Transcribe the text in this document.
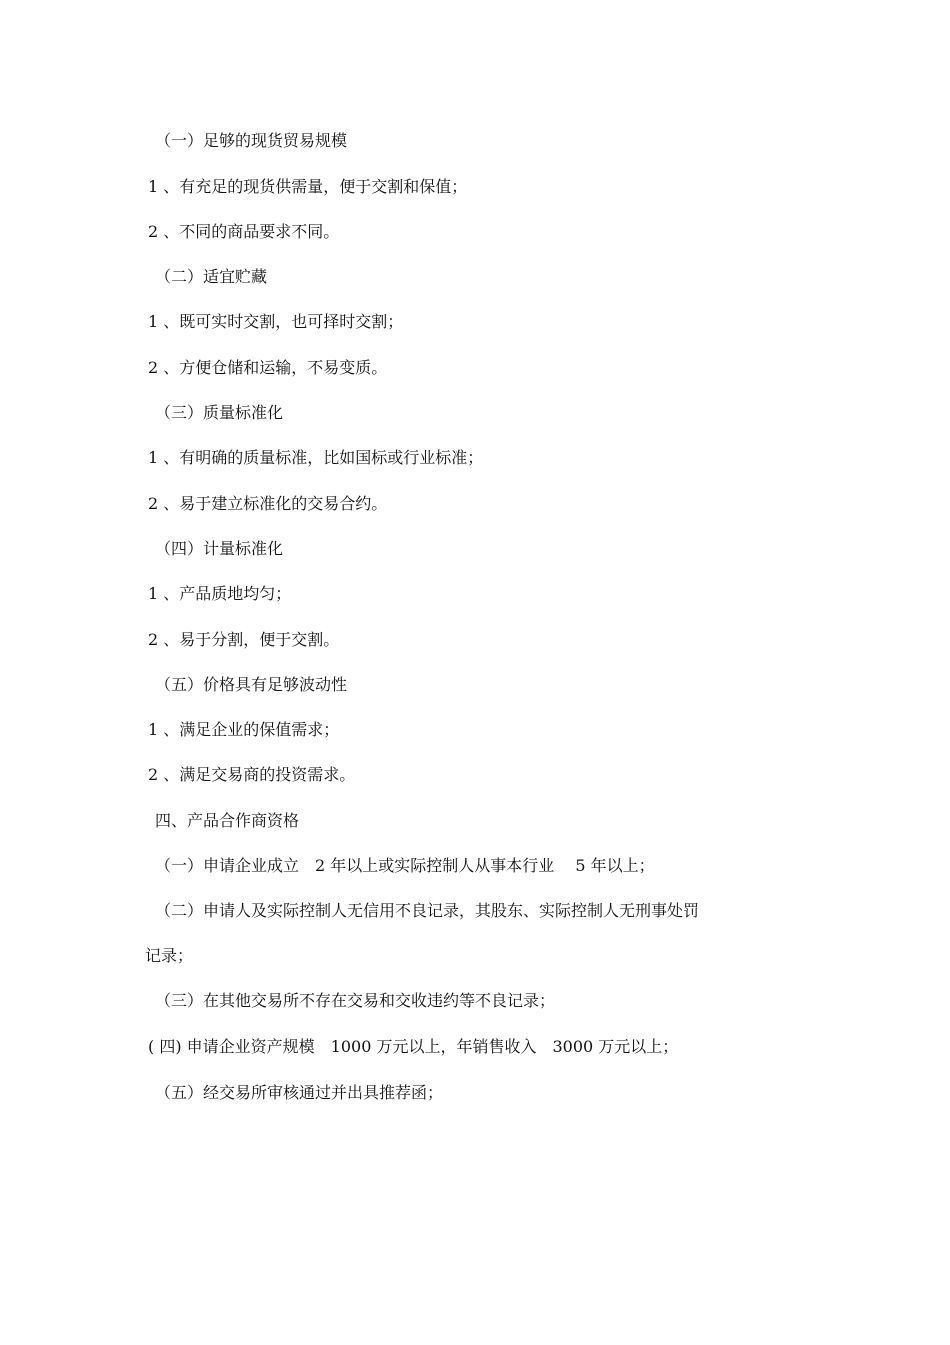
（一）足够的现货贸易规模
1 、有充足的现货供需量，便于交割和保值；
2 、不同的商品要求不同。
（二）适宜贮藏
1 、既可实时交割，也可择时交割；
2 、方便仓储和运输，不易变质。
（三）质量标准化
1 、有明确的质量标准，比如国标或行业标准；
2 、易于建立标准化的交易合约。
（四）计量标准化
1 、产品质地均匀；
2 、易于分割，便于交割。
（五）价格具有足够波动性
1 、满足企业的保值需求；
2 、满足交易商的投资需求。
四、产品合作商资格
（一）申请企业成立　2 年以上或实际控制人从事本行业　 5 年以上；
（二）申请人及实际控制人无信用不良记录，其股东、实际控制人无刑事处罚
记录；
（三）在其他交易所不存在交易和交收违约等不良记录；
( 四) 申请企业资产规模　1000 万元以上，年销售收入　3000 万元以上；
（五）经交易所审核通过并出具推荐函；
